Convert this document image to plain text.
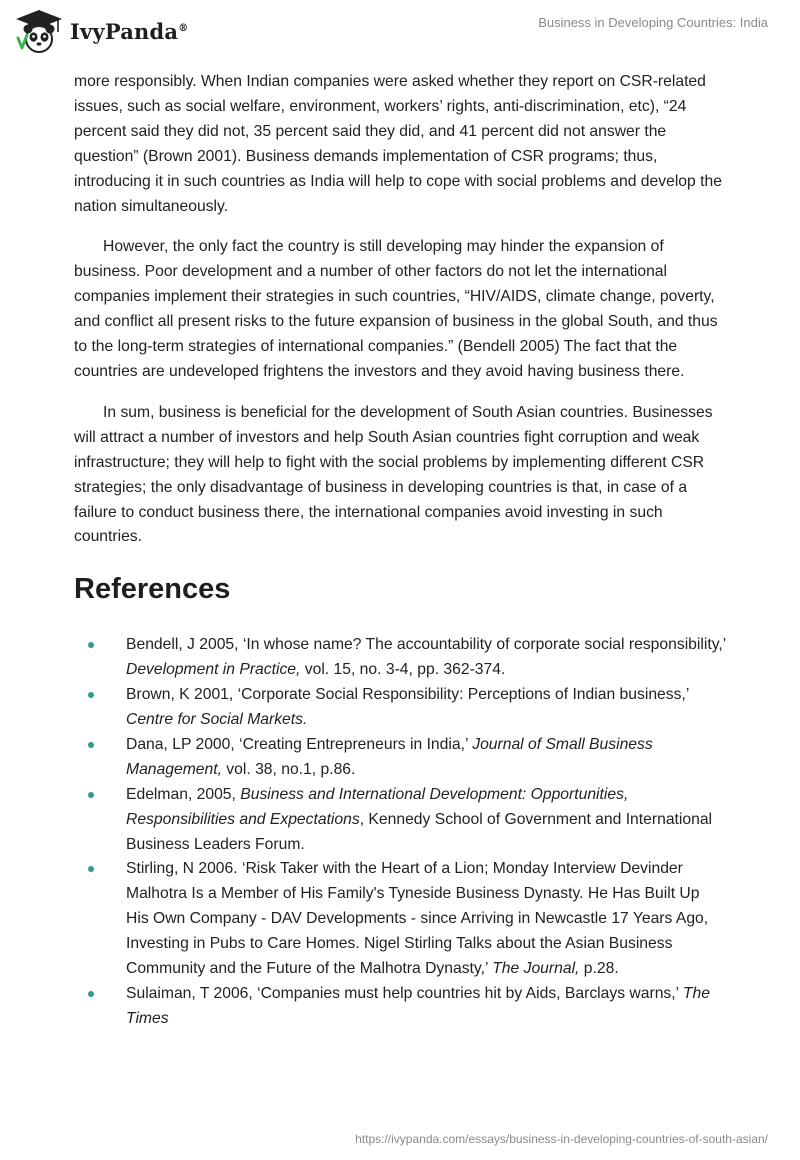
IvyPanda®	Business in Developing Countries: India

more responsibly. When Indian companies were asked whether they report on CSR-related issues, such as social welfare, environment, workers’ rights, anti-discrimination, etc), “24 percent said they did not, 35 percent said they did, and 41 percent did not answer the question” (Brown 2001). Business demands implementation of CSR programs; thus, introducing it in such countries as India will help to cope with social problems and develop the nation simultaneously.

However, the only fact the country is still developing may hinder the expansion of business. Poor development and a number of other factors do not let the international companies implement their strategies in such countries, “HIV/AIDS, climate change, poverty, and conflict all present risks to the future expansion of business in the global South, and thus to the long-term strategies of international companies.” (Bendell 2005) The fact that the countries are undeveloped frightens the investors and they avoid having business there.

In sum, business is beneficial for the development of South Asian countries. Businesses will attract a number of investors and help South Asian countries fight corruption and weak infrastructure; they will help to fight with the social problems by implementing different CSR strategies; the only disadvantage of business in developing countries is that, in case of a failure to conduct business there, the international companies avoid investing in such countries.

References
Bendell, J 2005, ‘In whose name? The accountability of corporate social responsibility,’ Development in Practice, vol. 15, no. 3-4, pp. 362-374.
Brown, K 2001, ‘Corporate Social Responsibility: Perceptions of Indian business,’ Centre for Social Markets.
Dana, LP 2000, ‘Creating Entrepreneurs in India,’ Journal of Small Business Management, vol. 38, no.1, p.86.
Edelman, 2005, Business and International Development: Opportunities, Responsibilities and Expectations, Kennedy School of Government and International Business Leaders Forum.
Stirling, N 2006. ‘Risk Taker with the Heart of a Lion; Monday Interview Devinder Malhotra Is a Member of His Family's Tyneside Business Dynasty. He Has Built Up His Own Company - DAV Developments - since Arriving in Newcastle 17 Years Ago, Investing in Pubs to Care Homes. Nigel Stirling Talks about the Asian Business Community and the Future of the Malhotra Dynasty,’ The Journal, p.28.
Sulaiman, T 2006, ‘Companies must help countries hit by Aids, Barclays warns,’ The Times
https://ivypanda.com/essays/business-in-developing-countries-of-south-asian/
